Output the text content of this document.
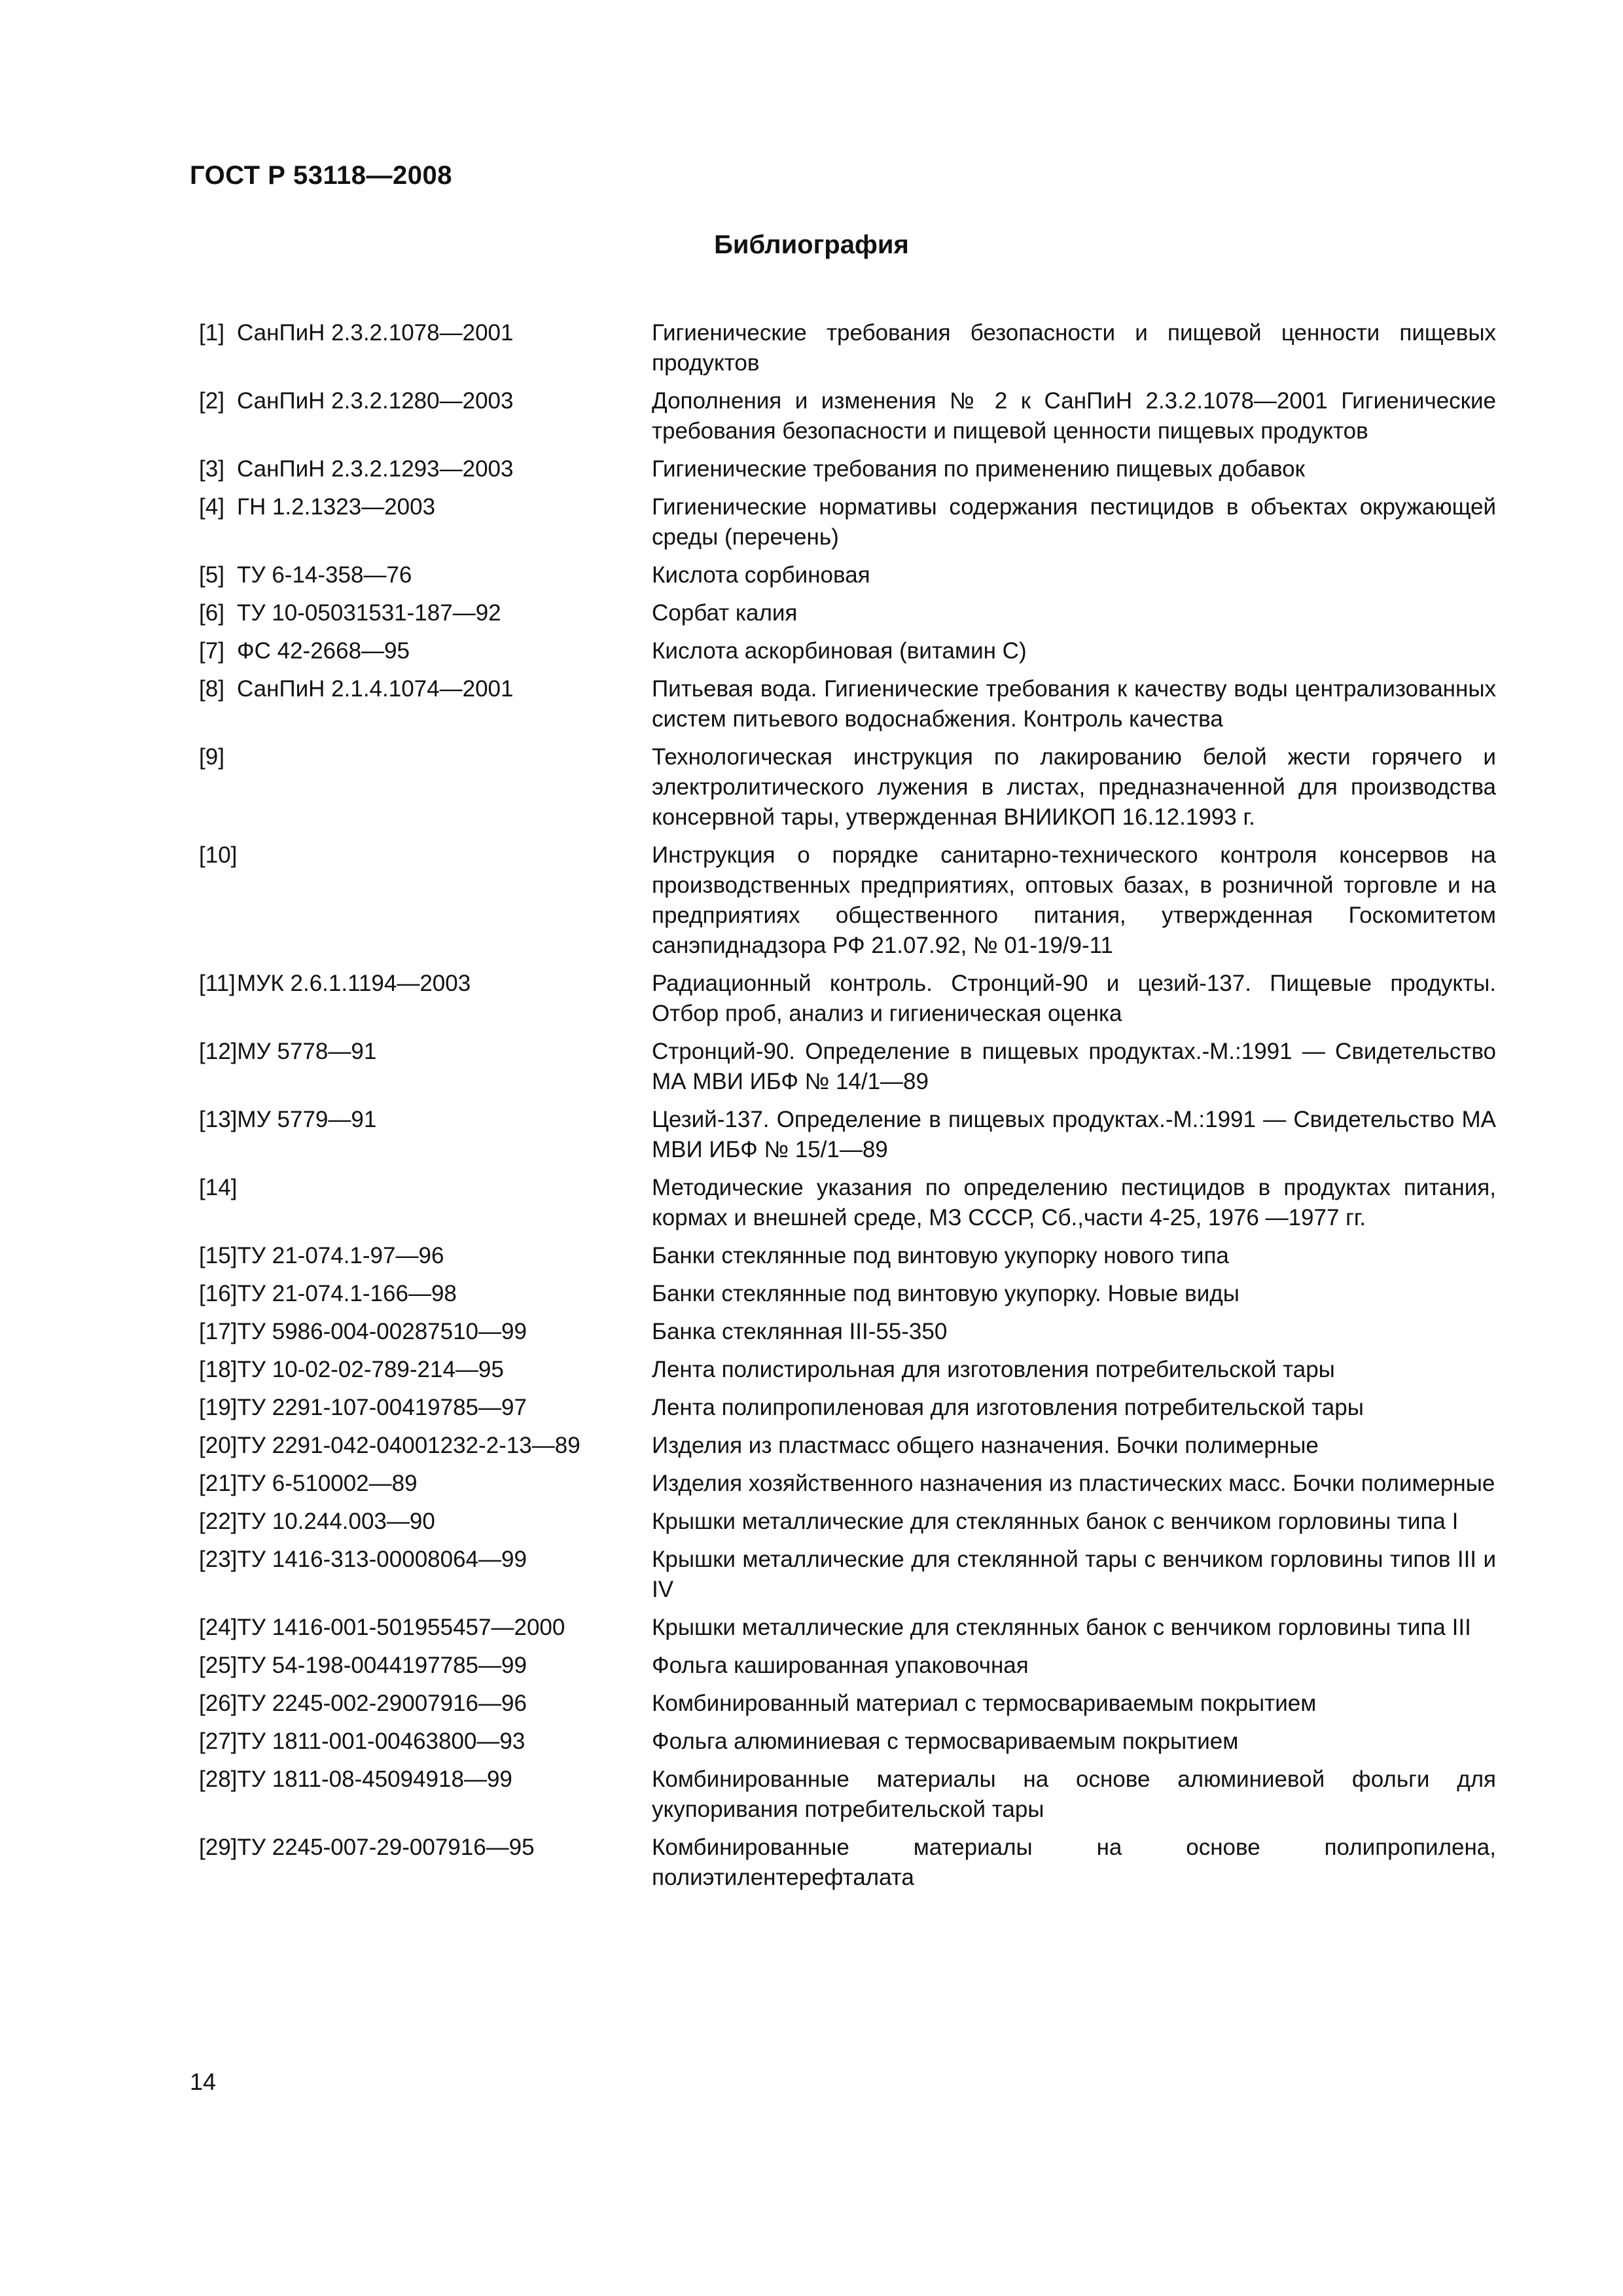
ГОСТ Р 53118—2008
Библиография
[1]СанПиН 2.3.2.1078—2001	Гигиенические требования безопасности и пищевой ценности пищевых продуктов
[2]СанПиН 2.3.2.1280—2003	Дополнения и изменения № 2 к СанПиН 2.3.2.1078—2001 Гигиенические требования безопасности и пищевой ценности пищевых продуктов
[3]СанПиН 2.3.2.1293—2003	Гигиенические требования по применению пищевых добавок
[4]ГН 1.2.1323—2003	Гигиенические нормативы содержания пестицидов в объектах окружающей среды (перечень)
[5]ТУ 6-14-358—76	Кислота сорбиновая
[6]ТУ 10-05031531-187—92	Сорбат калия
[7]ФС 42-2668—95	Кислота аскорбиновая (витамин С)
[8]СанПиН 2.1.4.1074—2001	Питьевая вода. Гигиенические требования к качеству воды централизованных систем питьевого водоснабжения. Контроль качества
[9]	Технологическая инструкция по лакированию белой жести горячего и электролитического лужения в листах, предназначенной для производства консервной тары, утвержденная ВНИИКОП 16.12.1993 г.
[10]	Инструкция о порядке санитарно-технического контроля консервов на производственных предприятиях, оптовых базах, в розничной торговле и на предприятиях общественного питания, утвержденная Госкомитетом санэпиднадзора РФ 21.07.92, № 01-19/9-11
[11]МУК 2.6.1.1194—2003	Радиационный контроль. Стронций-90 и цезий-137. Пищевые продукты. Отбор проб, анализ и гигиеническая оценка
[12]МУ 5778—91	Стронций-90. Определение в пищевых продуктах.-М.:1991 — Свидетельство МА МВИ ИБФ № 14/1—89
[13]МУ 5779—91	Цезий-137. Определение в пищевых продуктах.-М.:1991 — Свидетельство МА МВИ ИБФ № 15/1—89
[14]	Методические указания по определению пестицидов в продуктах питания, кормах и внешней среде, МЗ СССР, Сб.,части 4-25, 1976 —1977 гг.
[15]ТУ 21-074.1-97—96	Банки стеклянные под винтовую укупорку нового типа
[16]ТУ 21-074.1-166—98	Банки стеклянные под винтовую укупорку. Новые виды
[17]ТУ 5986-004-00287510—99	Банка стеклянная III-55-350
[18]ТУ 10-02-02-789-214—95	Лента полистирольная для изготовления потребительской тары
[19]ТУ 2291-107-00419785—97	Лента полипропиленовая для изготовления потребительской тары
[20]ТУ 2291-042-04001232-2-13—89	Изделия из пластмасс общего назначения. Бочки полимерные
[21]ТУ 6-510002—89	Изделия хозяйственного назначения из пластических масс. Бочки полимерные
[22]ТУ 10.244.003—90	Крышки металлические для стеклянных банок с венчиком горловины типа I
[23]ТУ 1416-313-00008064—99	Крышки металлические для стеклянной тары с венчиком горловины типов III и IV
[24]ТУ 1416-001-501955457—2000	Крышки металлические для стеклянных банок с венчиком горловины типа III
[25]ТУ 54-198-0044197785—99	Фольга кашированная упаковочная
[26]ТУ 2245-002-29007916—96	Комбинированный материал с термосвариваемым покрытием
[27]ТУ 1811-001-00463800—93	Фольга алюминиевая с термосвариваемым покрытием
[28]ТУ 1811-08-45094918—99	Комбинированные материалы на основе алюминиевой фольги для укупоривания потребительской тары
[29]ТУ 2245-007-29-007916—95	Комбинированные материалы на основе полипропилена, полиэтилентерефталата
14
